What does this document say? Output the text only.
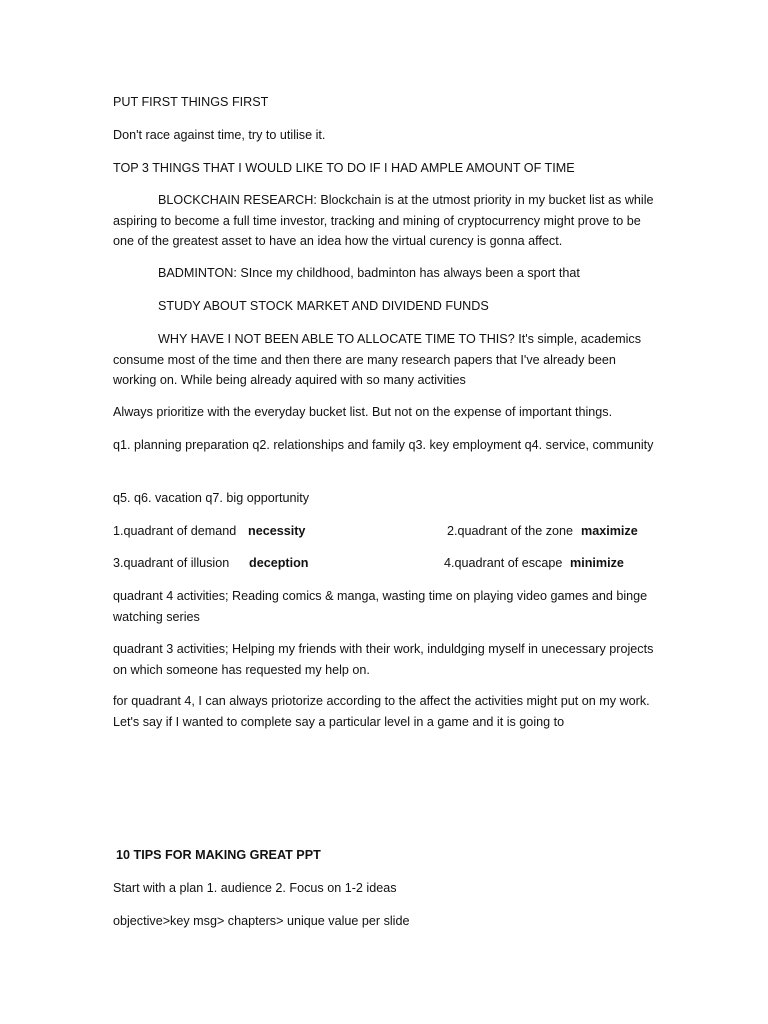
PUT FIRST THINGS FIRST

Don't race against time, try to utilise it.

TOP 3 THINGS THAT I WOULD LIKE TO DO IF I HAD AMPLE AMOUNT OF TIME

BLOCKCHAIN RESEARCH: Blockchain is at the utmost priority in my bucket list as while aspiring to become a full time investor, tracking and mining of cryptocurrency might prove to be one of the greatest asset to have an idea how the virtual curency is gonna affect.

BADMINTON: SInce my childhood, badminton has always been a sport that

STUDY ABOUT STOCK MARKET AND DIVIDEND FUNDS

WHY HAVE I NOT BEEN ABLE TO ALLOCATE TIME TO THIS? It's simple, academics consume most of the time and then there are many research papers that I've already been working on. While being already aquired with so many activities

Always prioritize with the everyday bucket list. But not on the expense of important things.

q1. planning preparation q2. relationships and family q3. key employment q4. service, community

q5. q6. vacation q7. big opportunity

1.quadrant of demand necessity	2.quadrant of the zone maximize
3.quadrant of illusion deception	4.quadrant of escape minimize

quadrant 4 activities; Reading comics & manga, wasting time on playing video games and binge watching series

quadrant 3 activities; Helping my friends with their work, induldging myself in unecessary projects on which someone has requested my help on.

for quadrant 4, I can always priotorize according to the affect the activities might put on my work. Let's say if I wanted to complete say a particular level in a game and it is going to

10 TIPS FOR MAKING GREAT PPT

Start with a plan 1. audience 2. Focus on 1-2 ideas

objective>key msg> chapters> unique value per slide
